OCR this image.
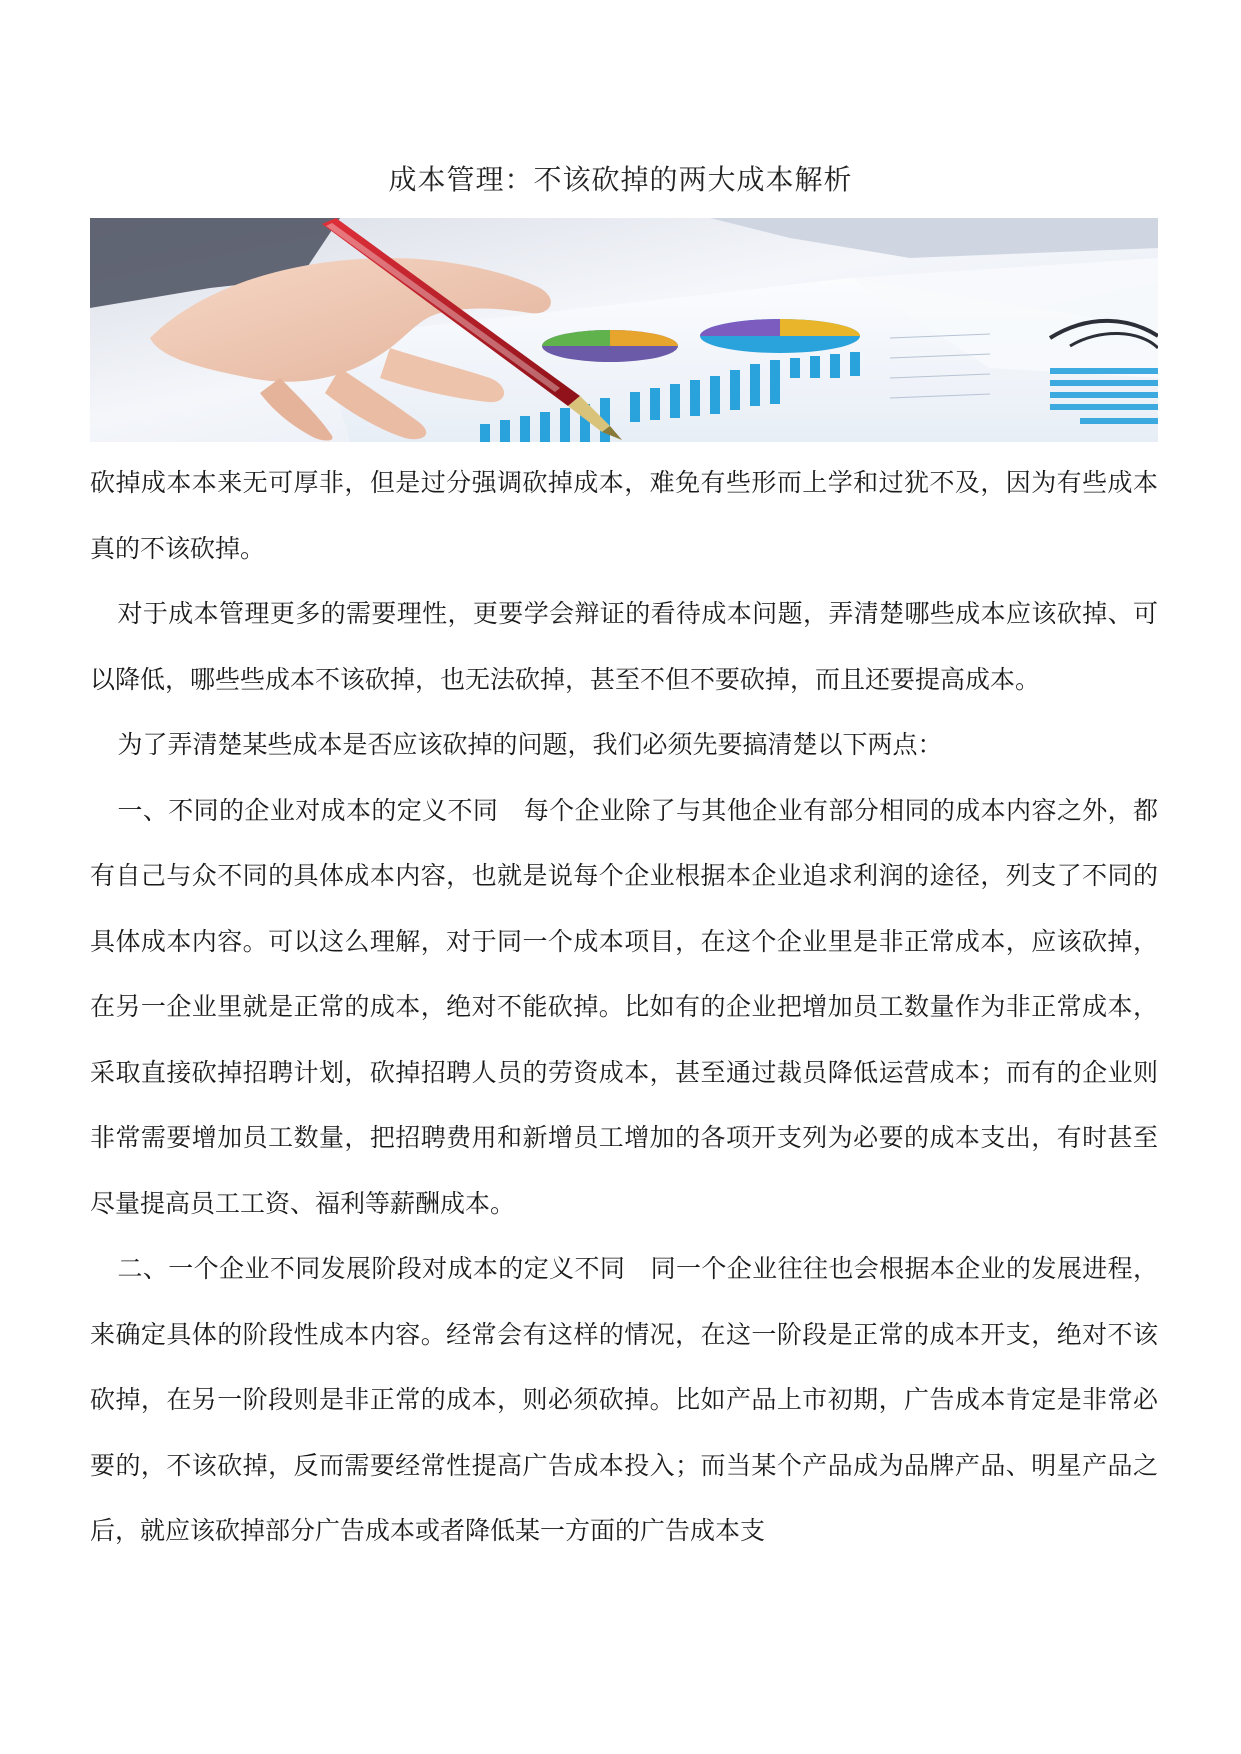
成本管理：不该砍掉的两大成本解析

砍掉成本本来无可厚非，但是过分强调砍掉成本，难免有些形而上学和过犹不及，因为有些成本真的不该砍掉。

对于成本管理更多的需要理性，更要学会辩证的看待成本问题，弄清楚哪些成本应该砍掉、可以降低，哪些些成本不该砍掉，也无法砍掉，甚至不但不要砍掉，而且还要提高成本。

为了弄清楚某些成本是否应该砍掉的问题，我们必须先要搞清楚以下两点：

一、不同的企业对成本的定义不同　每个企业除了与其他企业有部分相同的成本内容之外，都有自己与众不同的具体成本内容，也就是说每个企业根据本企业追求利润的途径，列支了不同的具体成本内容。可以这么理解，对于同一个成本项目，在这个企业里是非正常成本，应该砍掉，在另一企业里就是正常的成本，绝对不能砍掉。比如有的企业把增加员工数量作为非正常成本，采取直接砍掉招聘计划，砍掉招聘人员的劳资成本，甚至通过裁员降低运营成本；而有的企业则非常需要增加员工数量，把招聘费用和新增员工增加的各项开支列为必要的成本支出，有时甚至尽量提高员工工资、福利等薪酬成本。

二、一个企业不同发展阶段对成本的定义不同　同一个企业往往也会根据本企业的发展进程，来确定具体的阶段性成本内容。经常会有这样的情况，在这一阶段是正常的成本开支，绝对不该砍掉，在另一阶段则是非正常的成本，则必须砍掉。比如产品上市初期，广告成本肯定是非常必要的，不该砍掉，反而需要经常性提高广告成本投入；而当某个产品成为品牌产品、明星产品之后，就应该砍掉部分广告成本或者降低某一方面的广告成本支
